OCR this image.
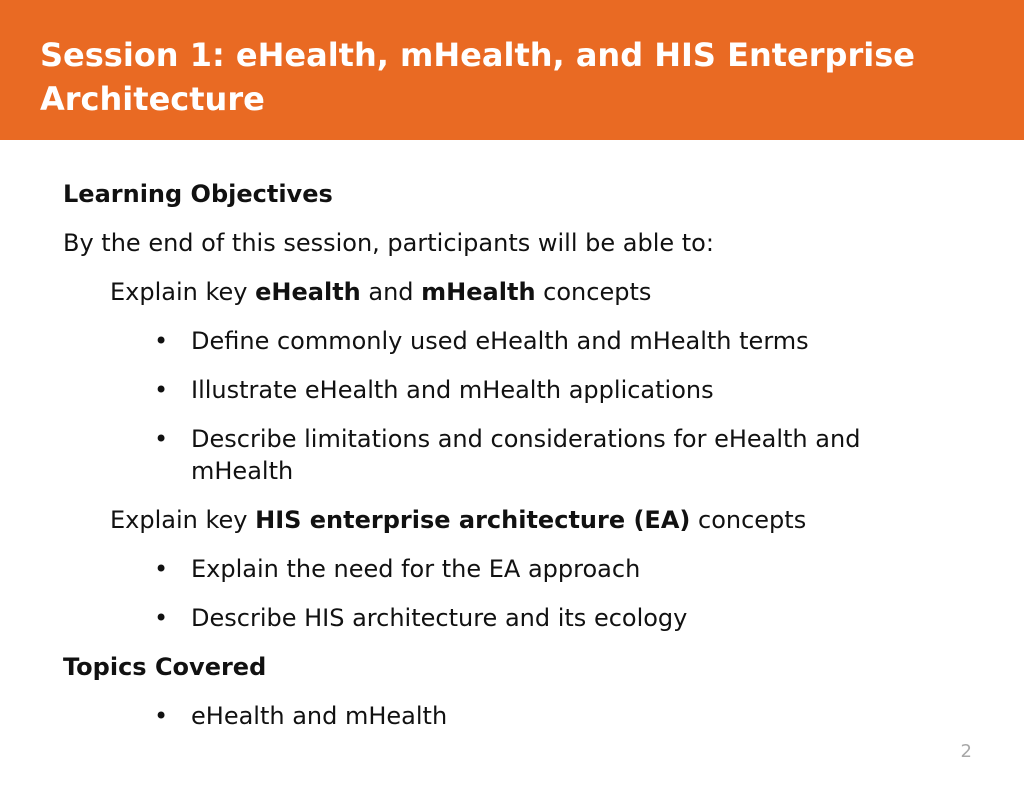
Session 1: eHealth, mHealth, and HIS Enterprise Architecture

Learning Objectives

By the end of this session, participants will be able to:

Explain key eHealth and mHealth concepts

• Define commonly used eHealth and mHealth terms

• Illustrate eHealth and mHealth applications

• Describe limitations and considerations for eHealth and mHealth

Explain key HIS enterprise architecture (EA) concepts

• Explain the need for the EA approach

• Describe HIS architecture and its ecology

Topics Covered

• eHealth and mHealth

2
